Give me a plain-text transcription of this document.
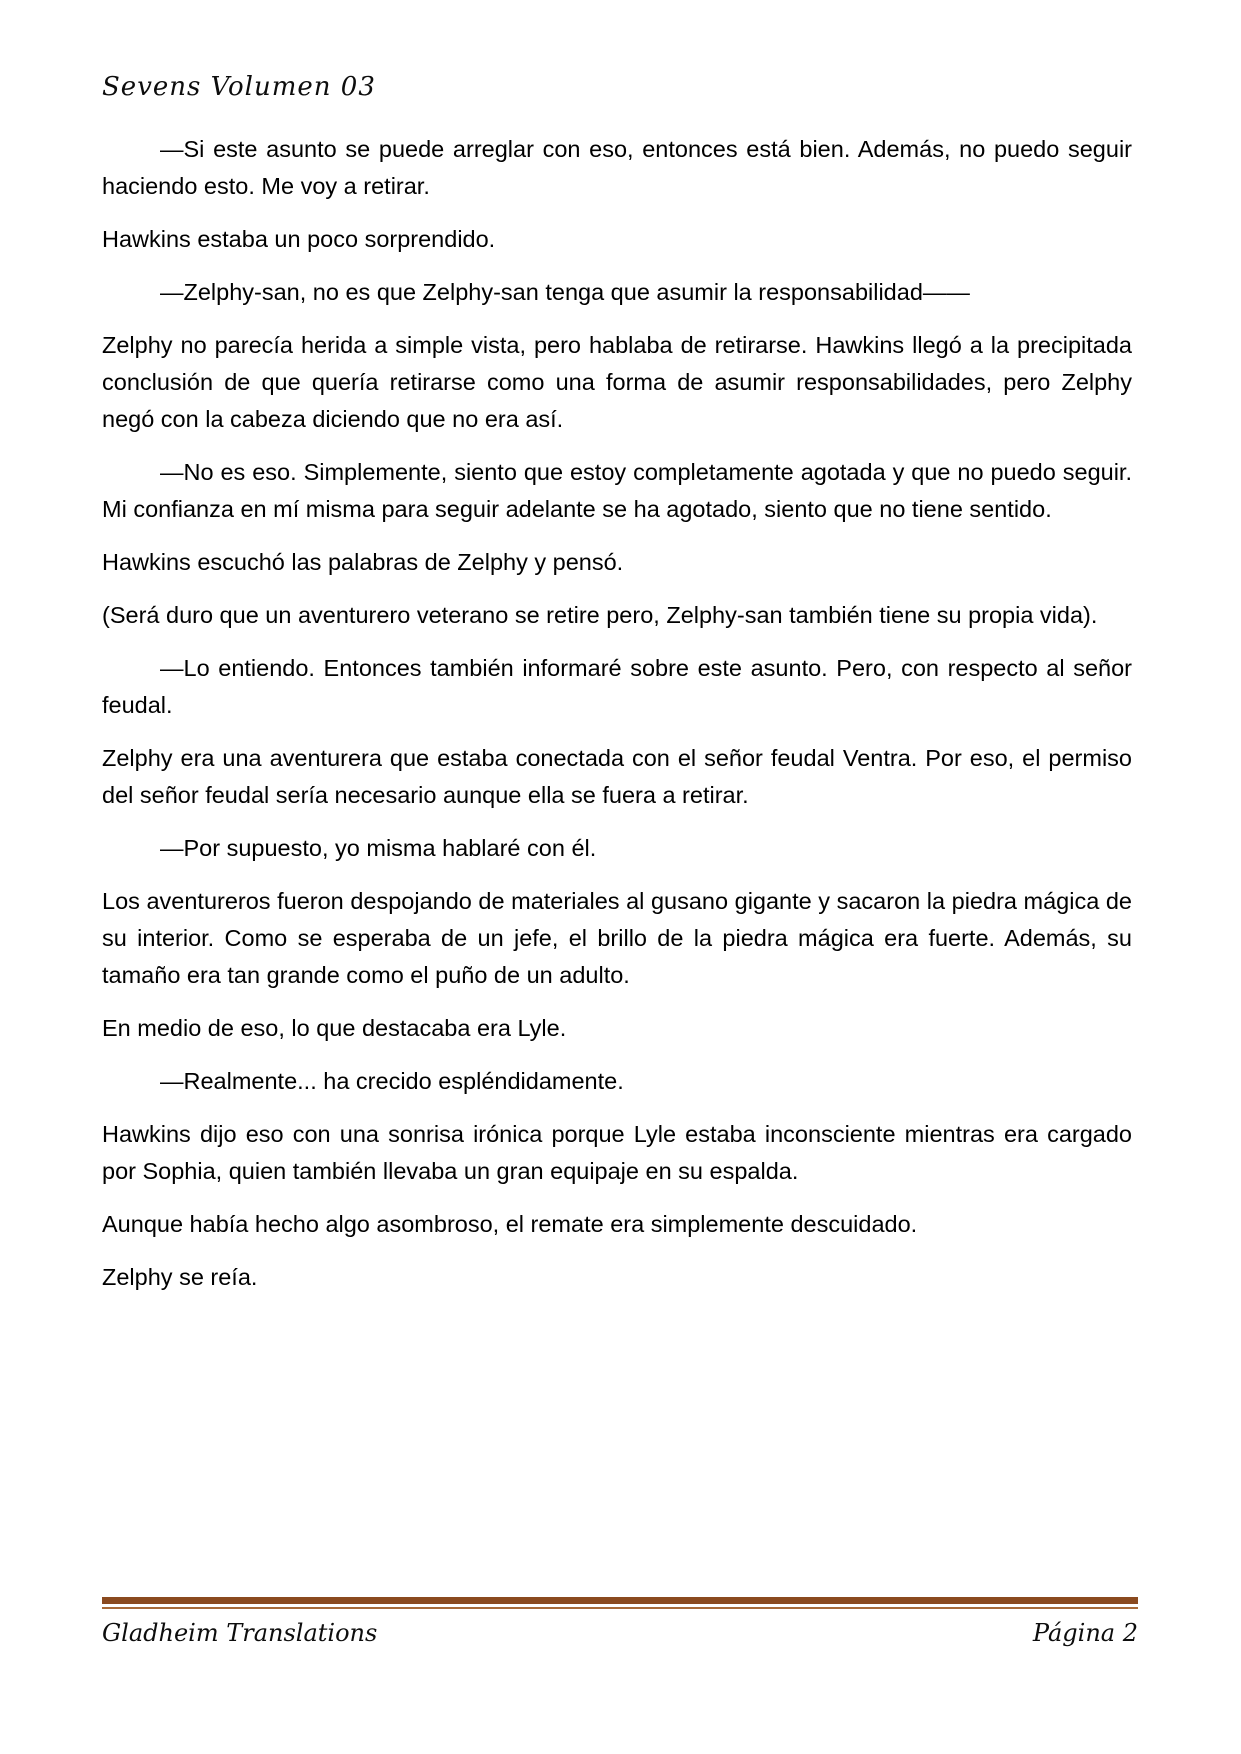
Sevens Volumen 03

—Si este asunto se puede arreglar con eso, entonces está bien. Además, no puedo seguir haciendo esto. Me voy a retirar.

Hawkins estaba un poco sorprendido.

—Zelphy-san, no es que Zelphy-san tenga que asumir la responsabilidad——

Zelphy no parecía herida a simple vista, pero hablaba de retirarse. Hawkins llegó a la precipitada conclusión de que quería retirarse como una forma de asumir responsabilidades, pero Zelphy negó con la cabeza diciendo que no era así.

—No es eso. Simplemente, siento que estoy completamente agotada y que no puedo seguir. Mi confianza en mí misma para seguir adelante se ha agotado, siento que no tiene sentido.

Hawkins escuchó las palabras de Zelphy y pensó.

(Será duro que un aventurero veterano se retire pero, Zelphy-san también tiene su propia vida).

—Lo entiendo. Entonces también informaré sobre este asunto. Pero, con respecto al señor feudal.

Zelphy era una aventurera que estaba conectada con el señor feudal Ventra. Por eso, el permiso del señor feudal sería necesario aunque ella se fuera a retirar.

—Por supuesto, yo misma hablaré con él.

Los aventureros fueron despojando de materiales al gusano gigante y sacaron la piedra mágica de su interior. Como se esperaba de un jefe, el brillo de la piedra mágica era fuerte. Además, su tamaño era tan grande como el puño de un adulto.

En medio de eso, lo que destacaba era Lyle.

—Realmente... ha crecido espléndidamente.

Hawkins dijo eso con una sonrisa irónica porque Lyle estaba inconsciente mientras era cargado por Sophia, quien también llevaba un gran equipaje en su espalda.

Aunque había hecho algo asombroso, el remate era simplemente descuidado.

Zelphy se reía.

Gladheim Translations	Página 2
